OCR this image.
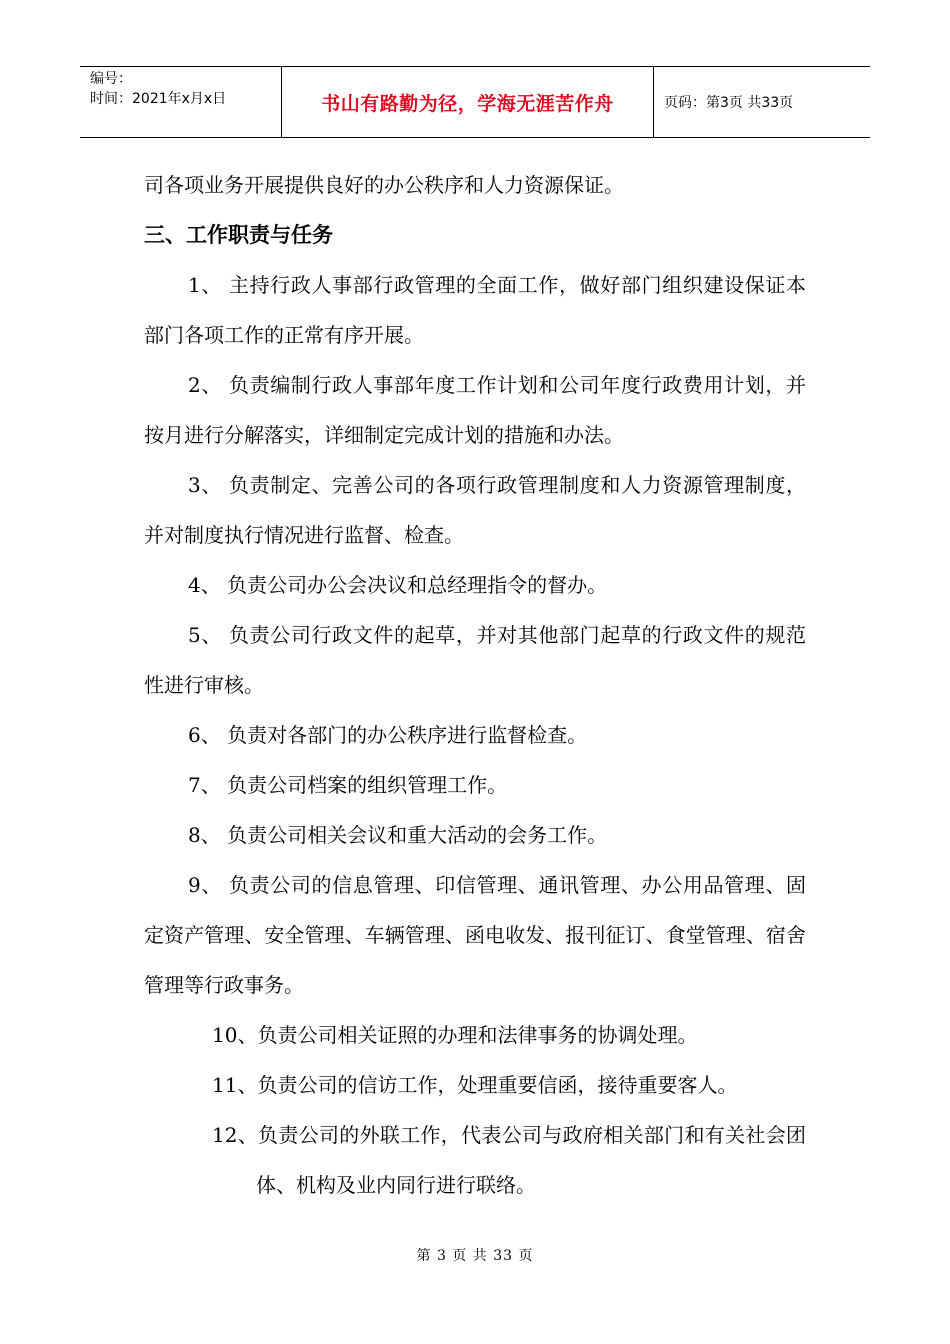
编号：
时间：2021年x月x日	书山有路勤为径，学海无涯苦作舟	页码：第3页 共33页

司各项业务开展提供良好的办公秩序和人力资源保证。

三、工作职责与任务

1、 主持行政人事部行政管理的全面工作，做好部门组织建设保证本部门各项工作的正常有序开展。

2、 负责编制行政人事部年度工作计划和公司年度行政费用计划，并按月进行分解落实，详细制定完成计划的措施和办法。

3、 负责制定、完善公司的各项行政管理制度和人力资源管理制度，并对制度执行情况进行监督、检查。

4、 负责公司办公会决议和总经理指令的督办。

5、 负责公司行政文件的起草，并对其他部门起草的行政文件的规范性进行审核。

6、 负责对各部门的办公秩序进行监督检查。

7、 负责公司档案的组织管理工作。

8、 负责公司相关会议和重大活动的会务工作。

9、 负责公司的信息管理、印信管理、通讯管理、办公用品管理、固定资产管理、安全管理、车辆管理、函电收发、报刊征订、食堂管理、宿舍管理等行政事务。

10、负责公司相关证照的办理和法律事务的协调处理。

11、负责公司的信访工作，处理重要信函，接待重要客人。

12、负责公司的外联工作，代表公司与政府相关部门和有关社会团体、机构及业内同行进行联络。

第 3 页 共 33 页
